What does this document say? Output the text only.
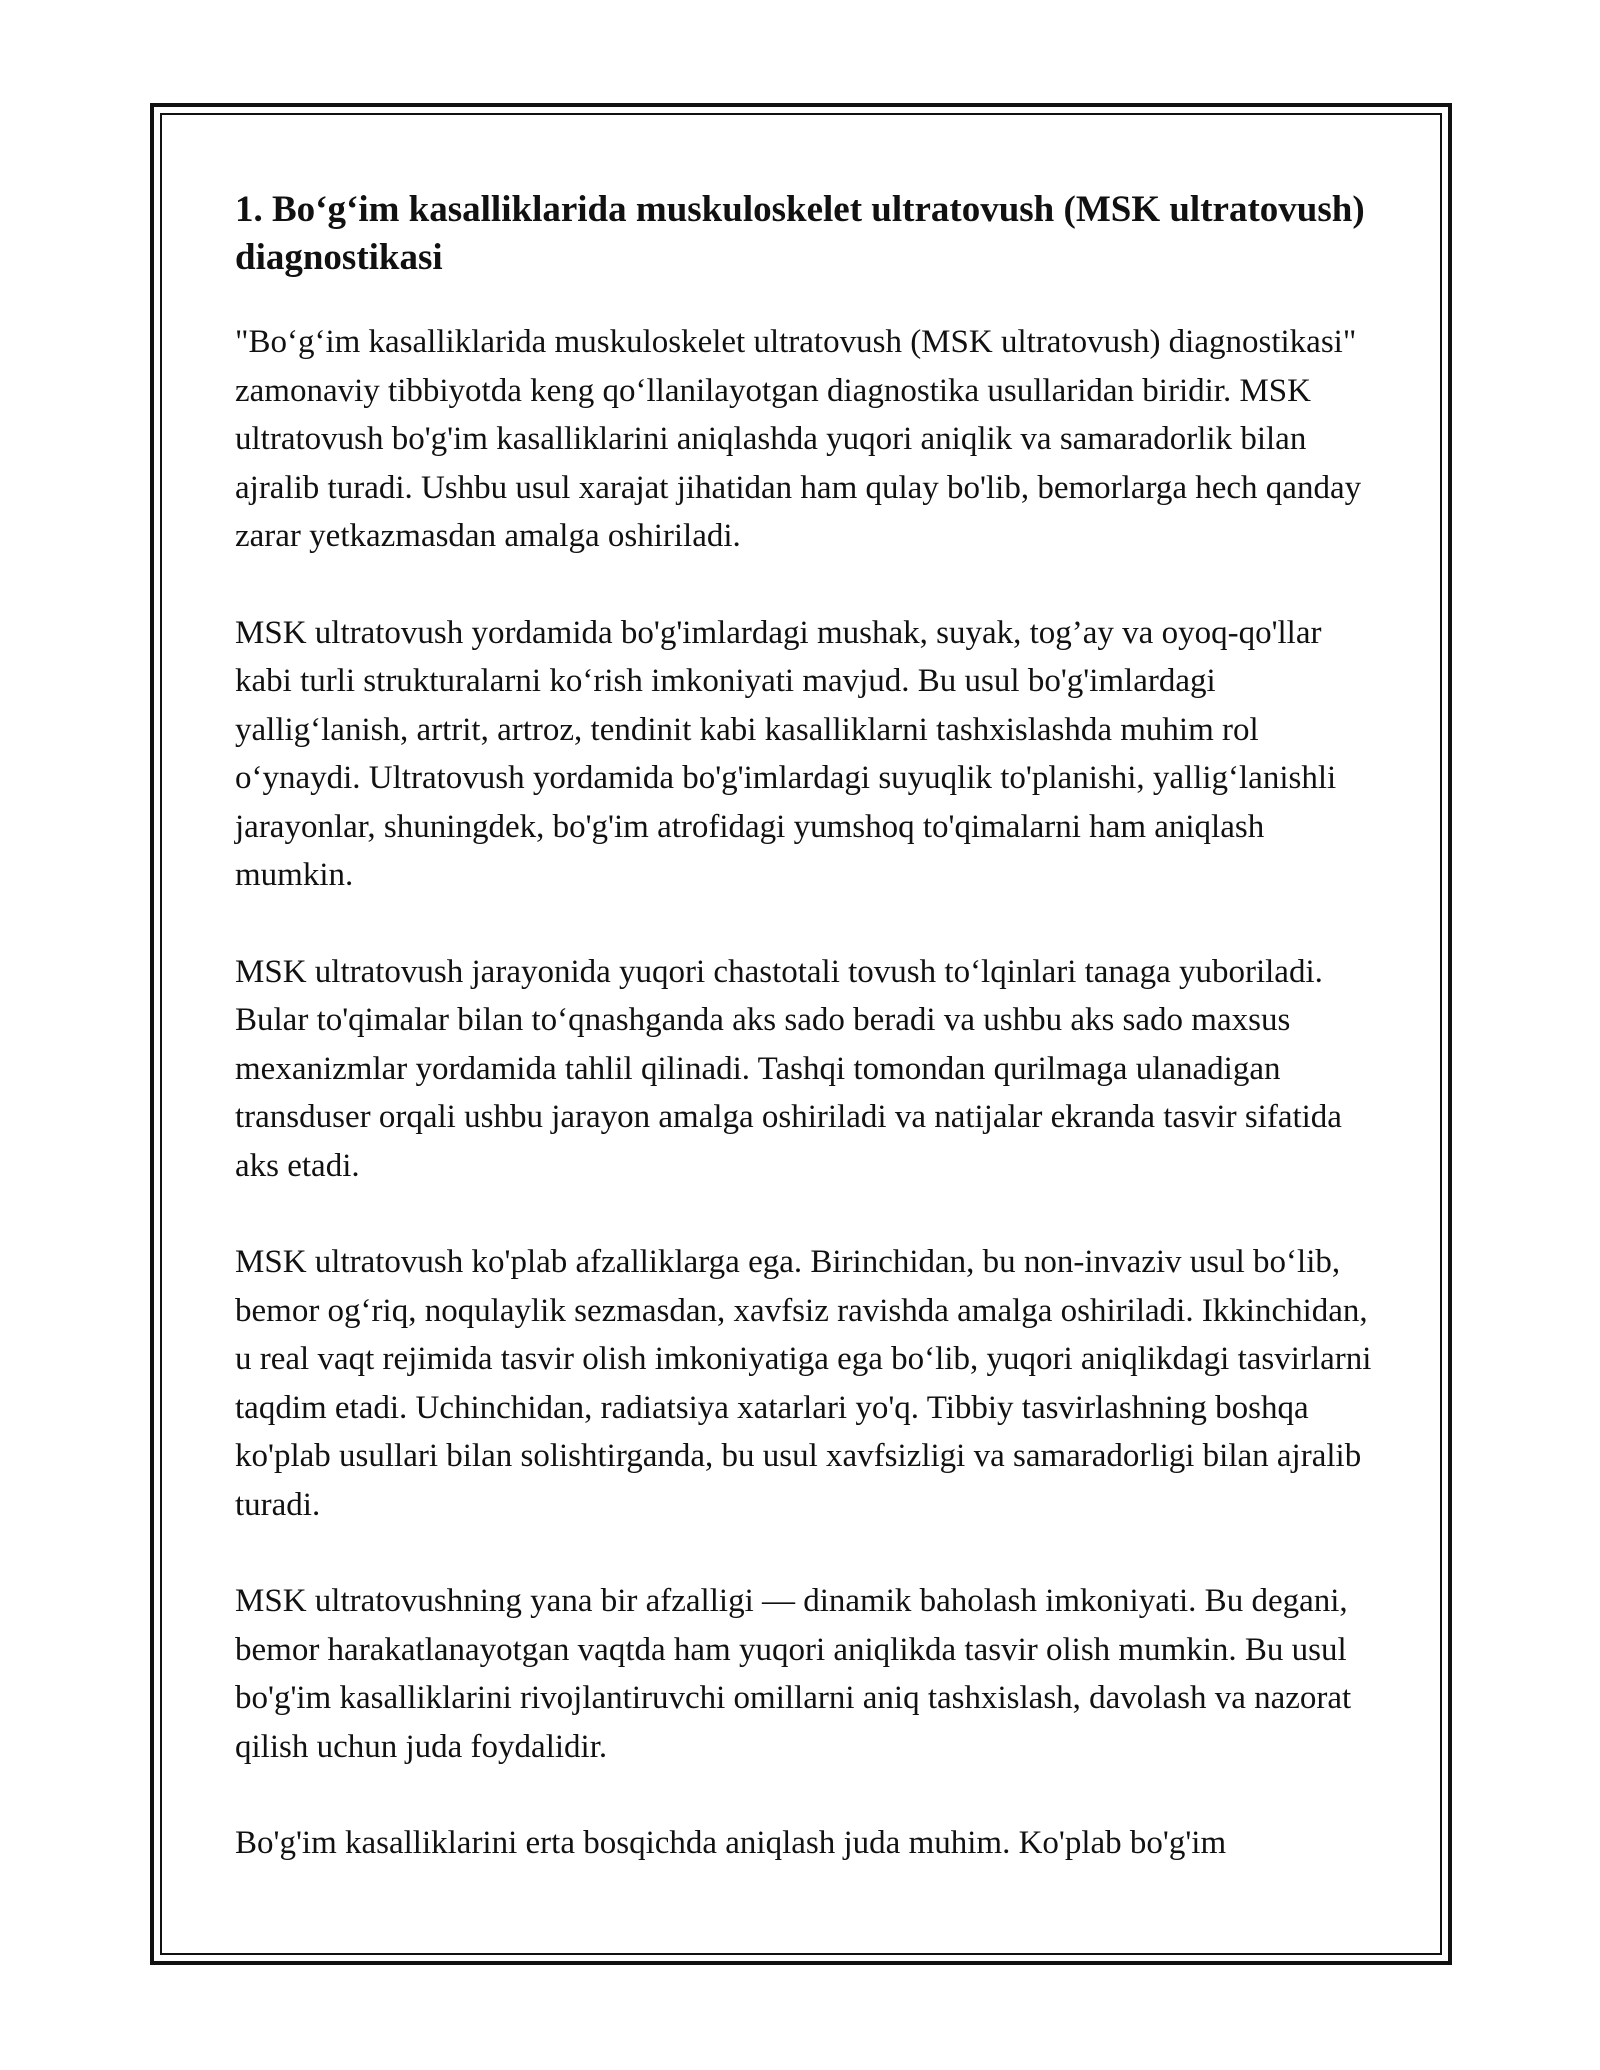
1. Bo‘g‘im kasalliklarida muskuloskelet ultratovush (MSK ultratovush) diagnostikasi

"Bo‘g‘im kasalliklarida muskuloskelet ultratovush (MSK ultratovush) diagnostikasi" zamonaviy tibbiyotda keng qo‘llanilayotgan diagnostika usullaridan biridir. MSK ultratovush bo'g'im kasalliklarini aniqlashda yuqori aniqlik va samaradorlik bilan ajralib turadi. Ushbu usul xarajat jihatidan ham qulay bo'lib, bemorlarga hech qanday zarar yetkazmasdan amalga oshiriladi.

MSK ultratovush yordamida bo'g'imlardagi mushak, suyak, tog’ay va oyoq-qo'llar kabi turli strukturalarni ko‘rish imkoniyati mavjud. Bu usul bo'g'imlardagi yallig‘lanish, artrit, artroz, tendinit kabi kasalliklarni tashxislashda muhim rol o‘ynaydi. Ultratovush yordamida bo'g'imlardagi suyuqlik to'planishi, yallig‘lanishli jarayonlar, shuningdek, bo'g'im atrofidagi yumshoq to'qimalarni ham aniqlash mumkin.

MSK ultratovush jarayonida yuqori chastotali tovush to‘lqinlari tanaga yuboriladi. Bular to'qimalar bilan to‘qnashganda aks sado beradi va ushbu aks sado maxsus mexanizmlar yordamida tahlil qilinadi. Tashqi tomondan qurilmaga ulanadigan transduser orqali ushbu jarayon amalga oshiriladi va natijalar ekranda tasvir sifatida aks etadi.

MSK ultratovush ko'plab afzalliklarga ega. Birinchidan, bu non-invaziv usul bo‘lib, bemor og‘riq, noqulaylik sezmasdan, xavfsiz ravishda amalga oshiriladi. Ikkinchidan, u real vaqt rejimida tasvir olish imkoniyatiga ega bo‘lib, yuqori aniqlikdagi tasvirlarni taqdim etadi. Uchinchidan, radiatsiya xatarlari yo'q. Tibbiy tasvirlashning boshqa ko'plab usullari bilan solishtirganda, bu usul xavfsizligi va samaradorligi bilan ajralib turadi.

MSK ultratovushning yana bir afzalligi — dinamik baholash imkoniyati. Bu degani, bemor harakatlanayotgan vaqtda ham yuqori aniqlikda tasvir olish mumkin. Bu usul bo'g'im kasalliklarini rivojlantiruvchi omillarni aniq tashxislash, davolash va nazorat qilish uchun juda foydalidir.

Bo'g'im kasalliklarini erta bosqichda aniqlash juda muhim. Ko'plab bo'g'im
